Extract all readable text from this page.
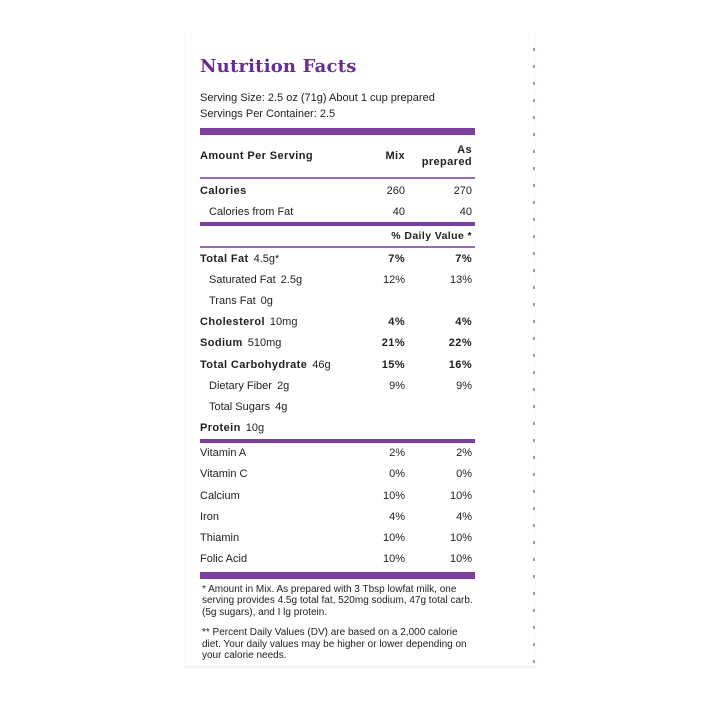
Nutrition Facts
Serving Size: 2.5 oz (71g) About 1 cup prepared
Servings Per Container: 2.5
Amount Per Serving	Mix	As
prepared
Calories	260	270
Calories from Fat	40	40
% Daily Value *
Total Fat 4.5g*	7%	7%
Saturated Fat 2.5g	12%	13%
Trans Fat 0g
Cholesterol 10mg	4%	4%
Sodium 510mg	21%	22%
Total Carbohydrate 46g	15%	16%
Dietary Fiber 2g	9%	9%
Total Sugars 4g
Protein 10g
Vitamin A	2%	2%
Vitamin C	0%	0%
Calcium	10%	10%
Iron	4%	4%
Thiamin	10%	10%
Folic Acid	10%	10%

* Amount in Mix. As prepared with 3 Tbsp lowfat milk, one serving provides 4.5g total fat, 520mg sodium, 47g total carb. (5g sugars), and I lg protein.

** Percent Daily Values (DV) are based on a 2,000 calorie diet. Your daily values may be higher or lower depending on your calorie needs.
